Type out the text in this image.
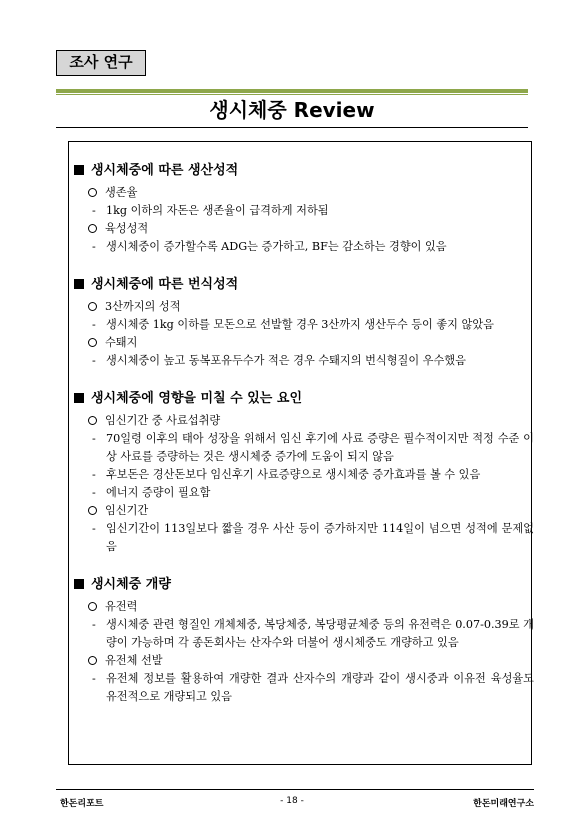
조사 연구
생시체중 Review
생시체중에 따른 생산성적
생존율
- 1kg 이하의 자돈은 생존율이 급격하게 저하됨
육성성적
- 생시체중이 증가할수록 ADG는 증가하고, BF는 감소하는 경향이 있음
생시체중에 따른 번식성적
3산까지의 성적
- 생시체중 1kg 이하를 모돈으로 선발할 경우 3산까지 생산두수 등이 좋지 않았음
수퇘지
- 생시체중이 높고 동복포유두수가 적은 경우 수퇘지의 번식형질이 우수했음
생시체중에 영향을 미칠 수 있는 요인
임신기간 중 사료섭취량
- 70일령 이후의 태아 성장을 위해서 임신 후기에 사료 증량은 필수적이지만 적정 수준 이상 사료를 증량하는 것은 생시체중 증가에 도움이 되지 않음
- 후보돈은 경산돈보다 임신후기 사료증량으로 생시체중 증가효과를 볼 수 있음
- 에너지 증량이 필요함
임신기간
- 임신기간이 113일보다 짧을 경우 사산 등이 증가하지만 114일이 넘으면 성적에 문제없음
생시체중 개량
유전력
- 생시체중 관련 형질인 개체체중, 복당체중, 복당평균체중 등의 유전력은 0.07-0.39로 개량이 가능하며 각 종돈회사는 산자수와 더불어 생시체중도 개량하고 있음
유전체 선발
- 유전체 정보를 활용하여 개량한 결과 산자수의 개량과 같이 생시중과 이유전 육성율도 유전적으로 개량되고 있음
한돈리포트	- 18 -	한돈미래연구소
